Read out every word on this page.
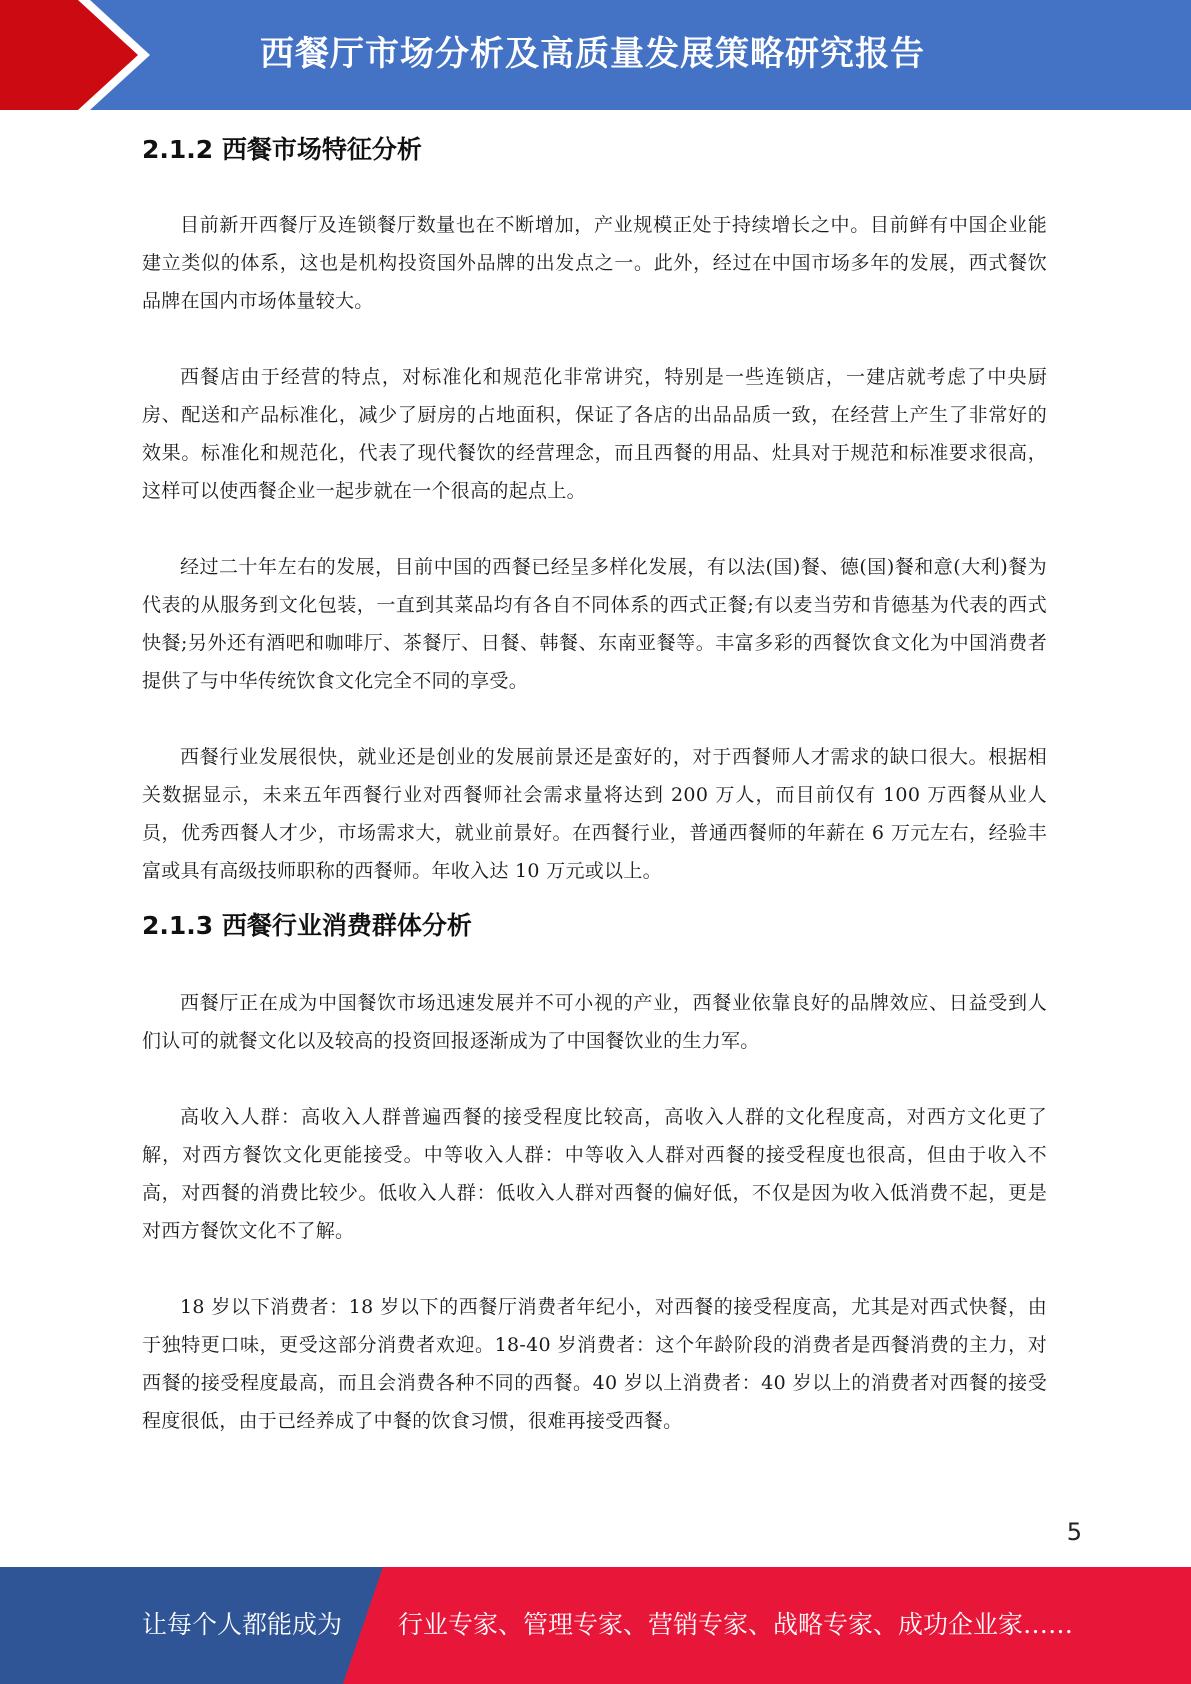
西餐厅市场分析及高质量发展策略研究报告
2.1.2 西餐市场特征分析

目前新开西餐厅及连锁餐厅数量也在不断增加，产业规模正处于持续增长之中。目前鲜有中国企业能建立类似的体系，这也是机构投资国外品牌的出发点之一。此外，经过在中国市场多年的发展，西式餐饮品牌在国内市场体量较大。

西餐店由于经营的特点，对标准化和规范化非常讲究，特别是一些连锁店，一建店就考虑了中央厨房、配送和产品标准化，减少了厨房的占地面积，保证了各店的出品品质一致，在经营上产生了非常好的效果。标准化和规范化，代表了现代餐饮的经营理念，而且西餐的用品、灶具对于规范和标准要求很高，这样可以使西餐企业一起步就在一个很高的起点上。

经过二十年左右的发展，目前中国的西餐已经呈多样化发展，有以法(国)餐、德(国)餐和意(大利)餐为代表的从服务到文化包装，一直到其菜品均有各自不同体系的西式正餐;有以麦当劳和肯德基为代表的西式快餐;另外还有酒吧和咖啡厅、茶餐厅、日餐、韩餐、东南亚餐等。丰富多彩的西餐饮食文化为中国消费者提供了与中华传统饮食文化完全不同的享受。

西餐行业发展很快，就业还是创业的发展前景还是蛮好的，对于西餐师人才需求的缺口很大。根据相关数据显示，未来五年西餐行业对西餐师社会需求量将达到 200 万人，而目前仅有 100 万西餐从业人员，优秀西餐人才少，市场需求大，就业前景好。在西餐行业，普通西餐师的年薪在 6 万元左右，经验丰富或具有高级技师职称的西餐师。年收入达 10 万元或以上。

2.1.3 西餐行业消费群体分析

西餐厅正在成为中国餐饮市场迅速发展并不可小视的产业，西餐业依靠良好的品牌效应、日益受到人们认可的就餐文化以及较高的投资回报逐渐成为了中国餐饮业的生力军。

高收入人群：高收入人群普遍西餐的接受程度比较高，高收入人群的文化程度高，对西方文化更了解，对西方餐饮文化更能接受。中等收入人群：中等收入人群对西餐的接受程度也很高，但由于收入不高，对西餐的消费比较少。低收入人群：低收入人群对西餐的偏好低，不仅是因为收入低消费不起，更是对西方餐饮文化不了解。

18 岁以下消费者：18 岁以下的西餐厅消费者年纪小，对西餐的接受程度高，尤其是对西式快餐，由于独特更口味，更受这部分消费者欢迎。18-40 岁消费者：这个年龄阶段的消费者是西餐消费的主力，对西餐的接受程度最高，而且会消费各种不同的西餐。40 岁以上消费者：40 岁以上的消费者对西餐的接受程度很低，由于已经养成了中餐的饮食习惯，很难再接受西餐。

5
让每个人都能成为 行业专家、管理专家、营销专家、战略专家、成功企业家……
